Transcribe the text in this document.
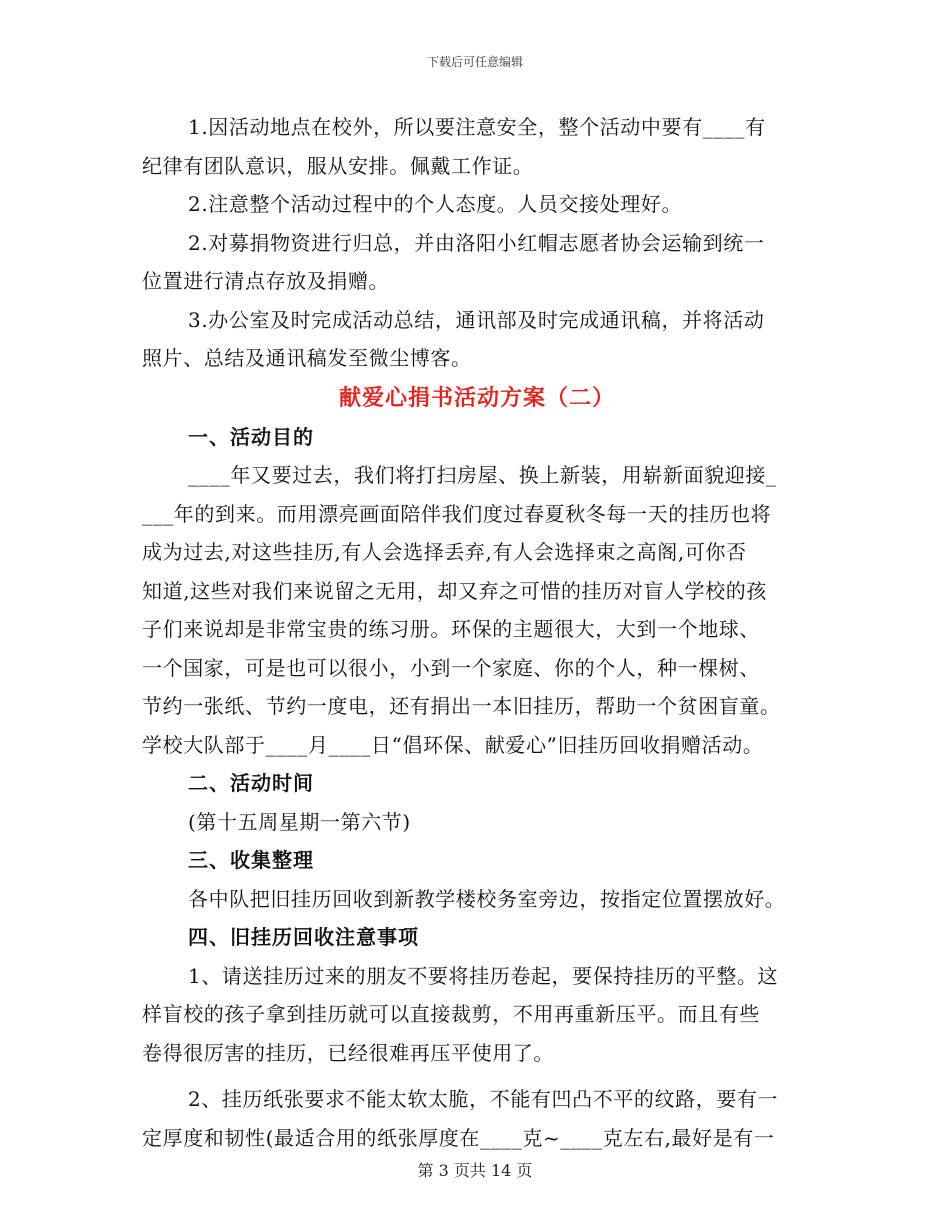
下载后可任意编辑

1.因活动地点在校外，所以要注意安全，整个活动中要有____有
纪律有团队意识，服从安排。佩戴工作证。

2.注意整个活动过程中的个人态度。人员交接处理好。

2.对募捐物资进行归总，并由洛阳小红帽志愿者协会运输到统一
位置进行清点存放及捐赠。

3.办公室及时完成活动总结，通讯部及时完成通讯稿，并将活动
照片、总结及通讯稿发至微尘博客。

献爱心捐书活动方案（二）
一、活动目的

____年又要过去，我们将打扫房屋、换上新装，用崭新面貌迎接_
___年的到来。而用漂亮画面陪伴我们度过春夏秋冬每一天的挂历也将
成为过去,对这些挂历,有人会选择丢弃,有人会选择束之高阁,可你否
知道,这些对我们来说留之无用，却又弃之可惜的挂历对盲人学校的孩
子们来说却是非常宝贵的练习册。环保的主题很大，大到一个地球、
一个国家，可是也可以很小，小到一个家庭、你的个人，种一棵树、
节约一张纸、节约一度电，还有捐出一本旧挂历，帮助一个贫困盲童。
学校大队部于____月____日“倡环保、献爱心”旧挂历回收捐赠活动。

二、活动时间

(第十五周星期一第六节)

三、收集整理

各中队把旧挂历回收到新教学楼校务室旁边，按指定位置摆放好。

四、旧挂历回收注意事项

1、请送挂历过来的朋友不要将挂历卷起，要保持挂历的平整。这
样盲校的孩子拿到挂历就可以直接裁剪，不用再重新压平。而且有些
卷得很厉害的挂历，已经很难再压平使用了。

2、挂历纸张要求不能太软太脆，不能有凹凸不平的纹路，要有一
定厚度和韧性(最适合用的纸张厚度在____克~____克左右,最好是有一

第 3 页共 14 页
